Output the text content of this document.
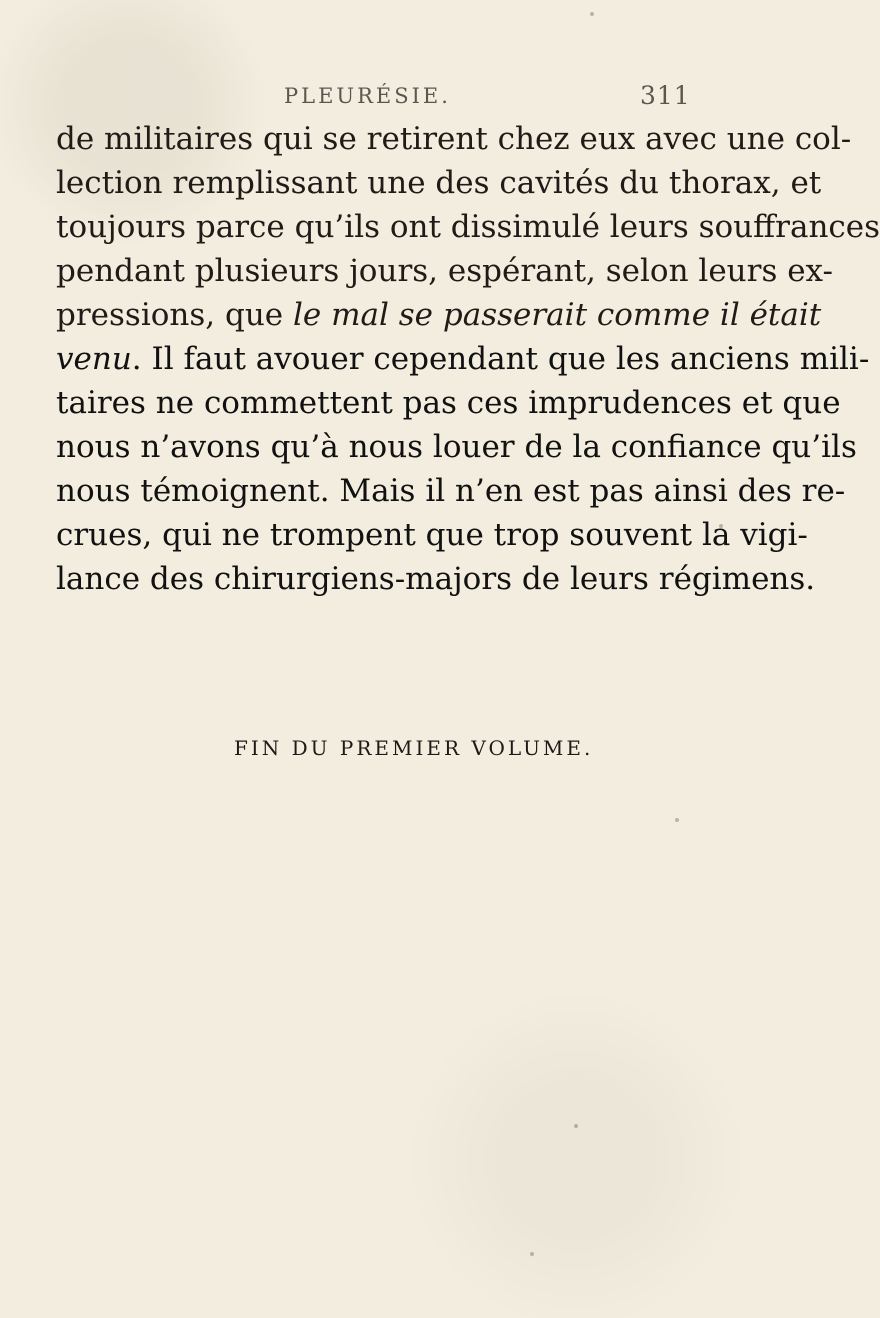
PLEURÉSIE.	311
de militaires qui se retirent chez eux avec une col-
lection remplissant une des cavités du thorax, et
toujours parce qu’ils ont dissimulé leurs souffrances
pendant plusieurs jours, espérant, selon leurs ex-
pressions, que le mal se passerait comme il était
venu. Il faut avouer cependant que les anciens mili-
taires ne commettent pas ces imprudences et que
nous n’avons qu’à nous louer de la confiance qu’ils
nous témoignent. Mais il n’en est pas ainsi des re-
crues, qui ne trompent que trop souvent la vigi-
lance des chirurgiens-majors de leurs régimens.
FIN DU PREMIER VOLUME.
